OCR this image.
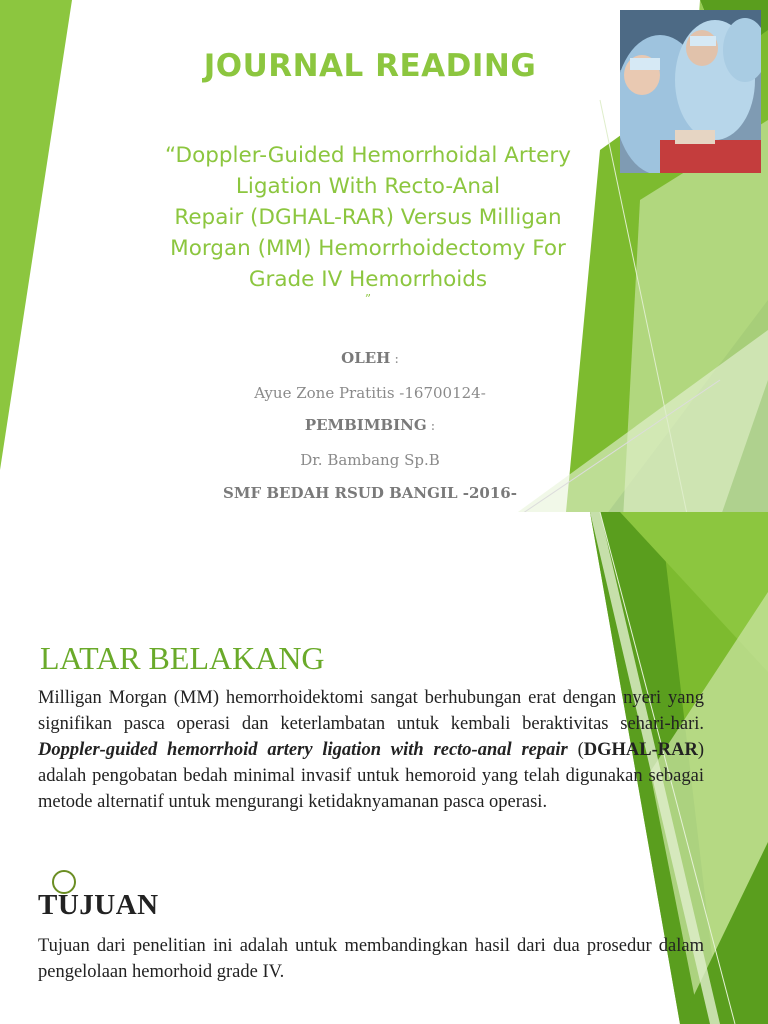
JOURNAL READING
“Doppler-Guided Hemorrhoidal Artery
Ligation With Recto-Anal
Repair (DGHAL-RAR) Versus Milligan
Morgan (MM) Hemorrhoidectomy For
Grade IV Hemorrhoids
”
OLEH :
Ayue Zone Pratitis -16700124-
PEMBIMBING :
Dr. Bambang Sp.B
SMF BEDAH RSUD BANGIL -2016-
LATAR BELAKANG

Milligan Morgan (MM) hemorrhoidektomi sangat berhubungan erat dengan nyeri yang signifikan pasca operasi dan keterlambatan untuk kembali beraktivitas sehari-hari. Doppler-guided hemorrhoid artery ligation with recto-anal repair (DGHAL-RAR) adalah pengobatan bedah minimal invasif untuk hemoroid yang telah digunakan sebagai metode alternatif untuk mengurangi ketidaknyamanan pasca operasi.

TUJUAN

Tujuan dari penelitian ini adalah untuk membandingkan hasil dari dua prosedur dalam pengelolaan hemorhoid grade IV.
